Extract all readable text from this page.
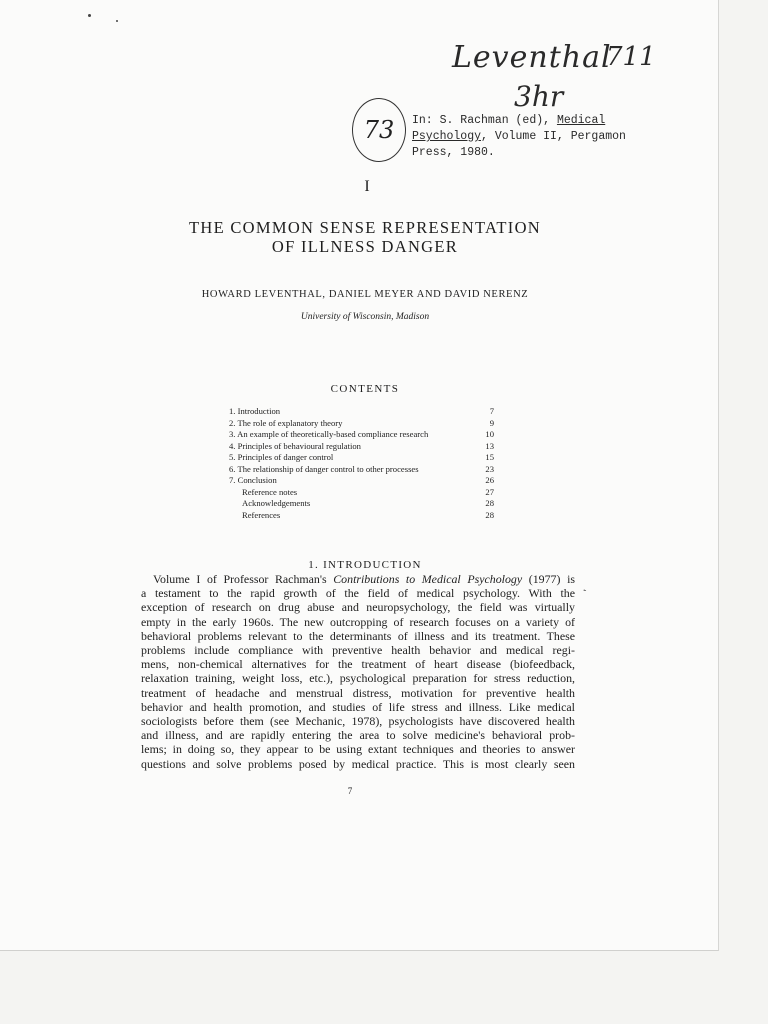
Leventhal
711
3hr
73	In: S. Rachman (ed), Medical
Psychology, Volume II, Pergamon
Press, 1980.
I
THE COMMON SENSE REPRESENTATION
OF ILLNESS DANGER
HOWARD LEVENTHAL, DANIEL MEYER AND DAVID NERENZ
University of Wisconsin, Madison
CONTENTS
1. Introduction	7
2. The role of explanatory theory	9
3. An example of theoretically-based compliance research	10
4. Principles of behavioural regulation	13
5. Principles of danger control	15
6. The relationship of danger control to other processes	23
7. Conclusion	26
Reference notes	27
Acknowledgements	28
References	28
1. INTRODUCTION
Volume I of Professor Rachman's Contributions to Medical Psychology (1977) is
a testament to the rapid growth of the field of medical psychology. With the
exception of research on drug abuse and neuropsychology, the field was virtually
empty in the early 1960s. The new outcropping of research focuses on a variety of
behavioral problems relevant to the determinants of illness and its treatment. These
problems include compliance with preventive health behavior and medical regi-
mens, non-chemical alternatives for the treatment of heart disease (biofeedback,
relaxation training, weight loss, etc.), psychological preparation for stress reduction,
treatment of headache and menstrual distress, motivation for preventive health
behavior and health promotion, and studies of life stress and illness. Like medical
sociologists before them (see Mechanic, 1978), psychologists have discovered health
and illness, and are rapidly entering the area to solve medicine's behavioral prob-
lems; in doing so, they appear to be using extant techniques and theories to answer
questions and solve problems posed by medical practice. This is most clearly seen
ˏ
7
